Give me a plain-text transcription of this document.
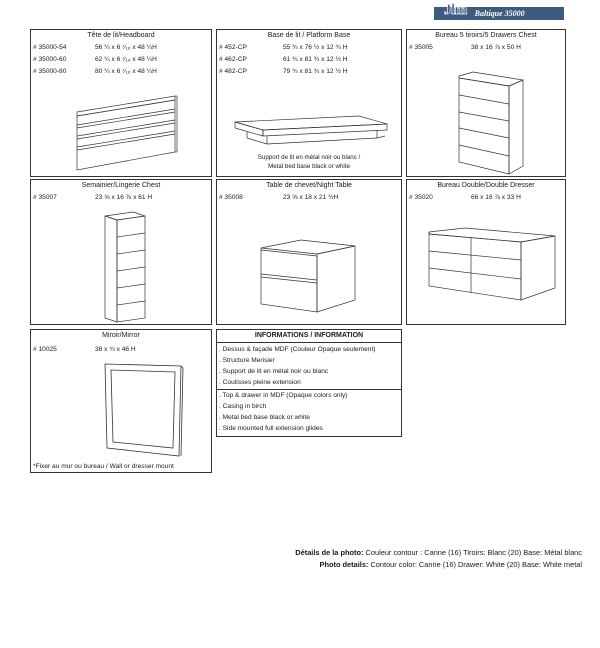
Jlm Baltique 35000
Tête de lit/Headboard
# 35000-54	56 ¼ x 6 ⁷⁄₁₆ x 48 ¼H
# 35000-60	62 ¼ x 6 ⁷⁄₁₆ x 48 ¼H
# 35000-80	80 ¼ x 6 ⁷⁄₁₆ x 48 ¼H
Base de lit / Platform Base
# 452-CP	55 ¾ x 76 ½ x 12 ¾ H
# 462-CP	61 ¾ x 81 ¾ x 12 ½ H
# 482-CP	79 ¾ x 81 ¾ x 12 ½ H
Support de lit en métal noir ou blanc /
Metal bed base black or white
Bureau 5 tiroirs/5 Drawers Chest
# 35005	38 x 16 ⅞ x 50 H
Semainier/Lingerie Chest
# 35007	23 ⅝ x 16 ⅞ x 61 H
Table de chevet/Night Table
# 35008	23 ⅝ x 18 x 21 ½H
Bureau Double/Double Dresser
# 35020	66 x 16 ⅞ x 33 H
Miroir/Mirror
# 10025	38 x ¾ x 46 H
*Fixer au mur ou bureau / Wall or dresser mount
INFORMATIONS / INFORMATION
. Dessus & façade MDF (Couleur Opaque seulement)
. Structure Merisier
. Support de lit en métal noir ou blanc
. Coulisses pleine extension
. Top & drawer in MDF (Opaque colors only)
. Casing in birch
. Metal bed base black or white
. Side mounted full extension glides
Détails de la photo: Couleur contour : Canne (16) Tiroirs: Blanc (20) Base: Métal blanc
Photo details: Contour color: Canne (16) Drawer: White (20) Base: White metal
